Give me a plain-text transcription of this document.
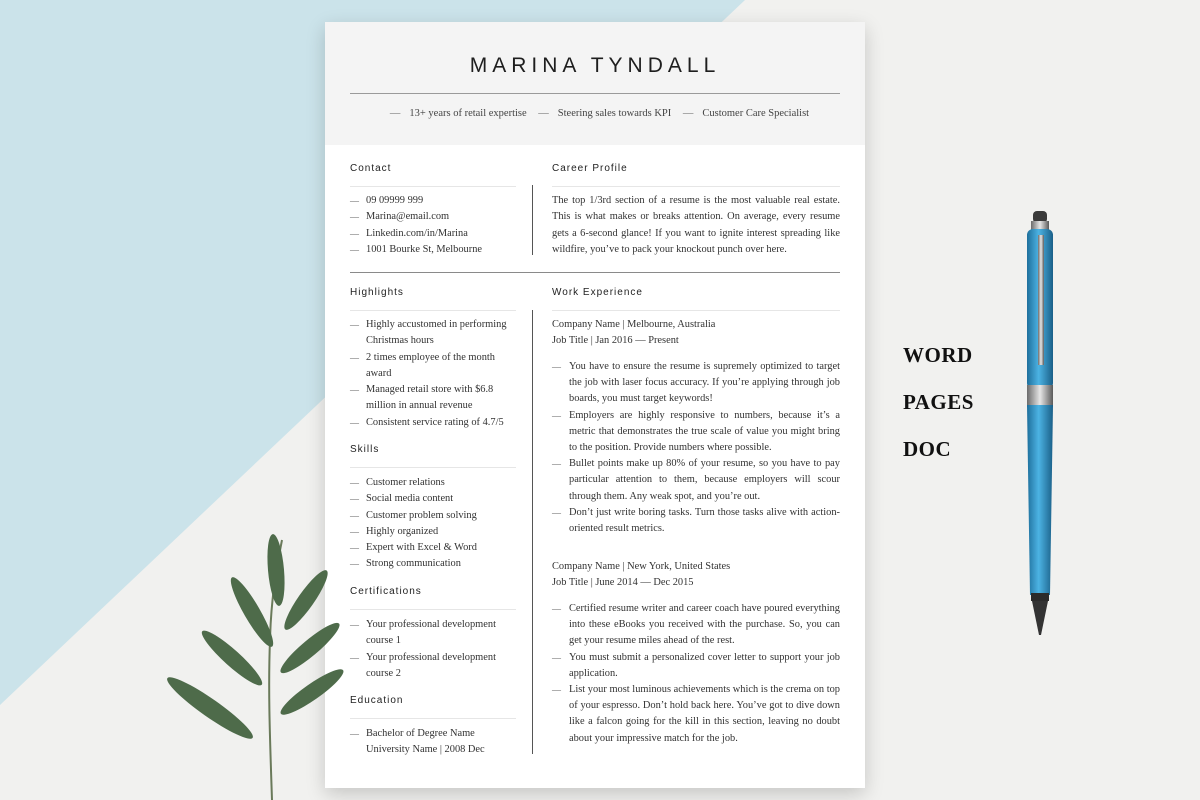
MARINA TYNDALL
— 13+ years of retail expertise — Steering sales towards KPI — Customer Care Specialist
Contact
— 09 09999 999
— Marina@email.com
— Linkedin.com/in/Marina
— 1001 Bourke St, Melbourne
Career Profile

The top 1/3rd section of a resume is the most valuable real estate. This is what makes or breaks attention. On average, every resume gets a 6-second glance! If you want to ignite interest spreading like wildfire, you’ve to pack your knockout punch over here.

Highlights
— Highly accustomed in performing Christmas hours
— 2 times employee of the month award
— Managed retail store with $6.8 million in annual revenue
— Consistent service rating of 4.7/5
Skills
— Customer relations
— Social media content
— Customer problem solving
— Highly organized
— Expert with Excel & Word
— Strong communication
Certifications
— Your professional development course 1
— Your professional development course 2
Education
— Bachelor of Degree Name University Name | 2008 Dec
Work Experience
Company Name | Melbourne, Australia
Job Title | Jan 2016 — Present
— You have to ensure the resume is supremely optimized to target the job with laser focus accuracy. If you’re applying through job boards, you must target keywords!
— Employers are highly responsive to numbers, because it’s a metric that demonstrates the true scale of value you might bring to the position. Provide numbers where possible.
— Bullet points make up 80% of your resume, so you have to pay particular attention to them, because employers will scour through them. Any weak spot, and you’re out.
— Don’t just write boring tasks. Turn those tasks alive with action-oriented result metrics.
Company Name | New York, United States
Job Title | June 2014 — Dec 2015
— Certified resume writer and career coach have poured everything into these eBooks you received with the purchase. So, you can get your resume miles ahead of the rest.
— You must submit a personalized cover letter to support your job application.
— List your most luminous achievements which is the crema on top of your espresso. Don’t hold back here. You’ve got to dive down like a falcon going for the kill in this section, leaving no doubt about your impressive match for the job.
WORD
PAGES
DOC
